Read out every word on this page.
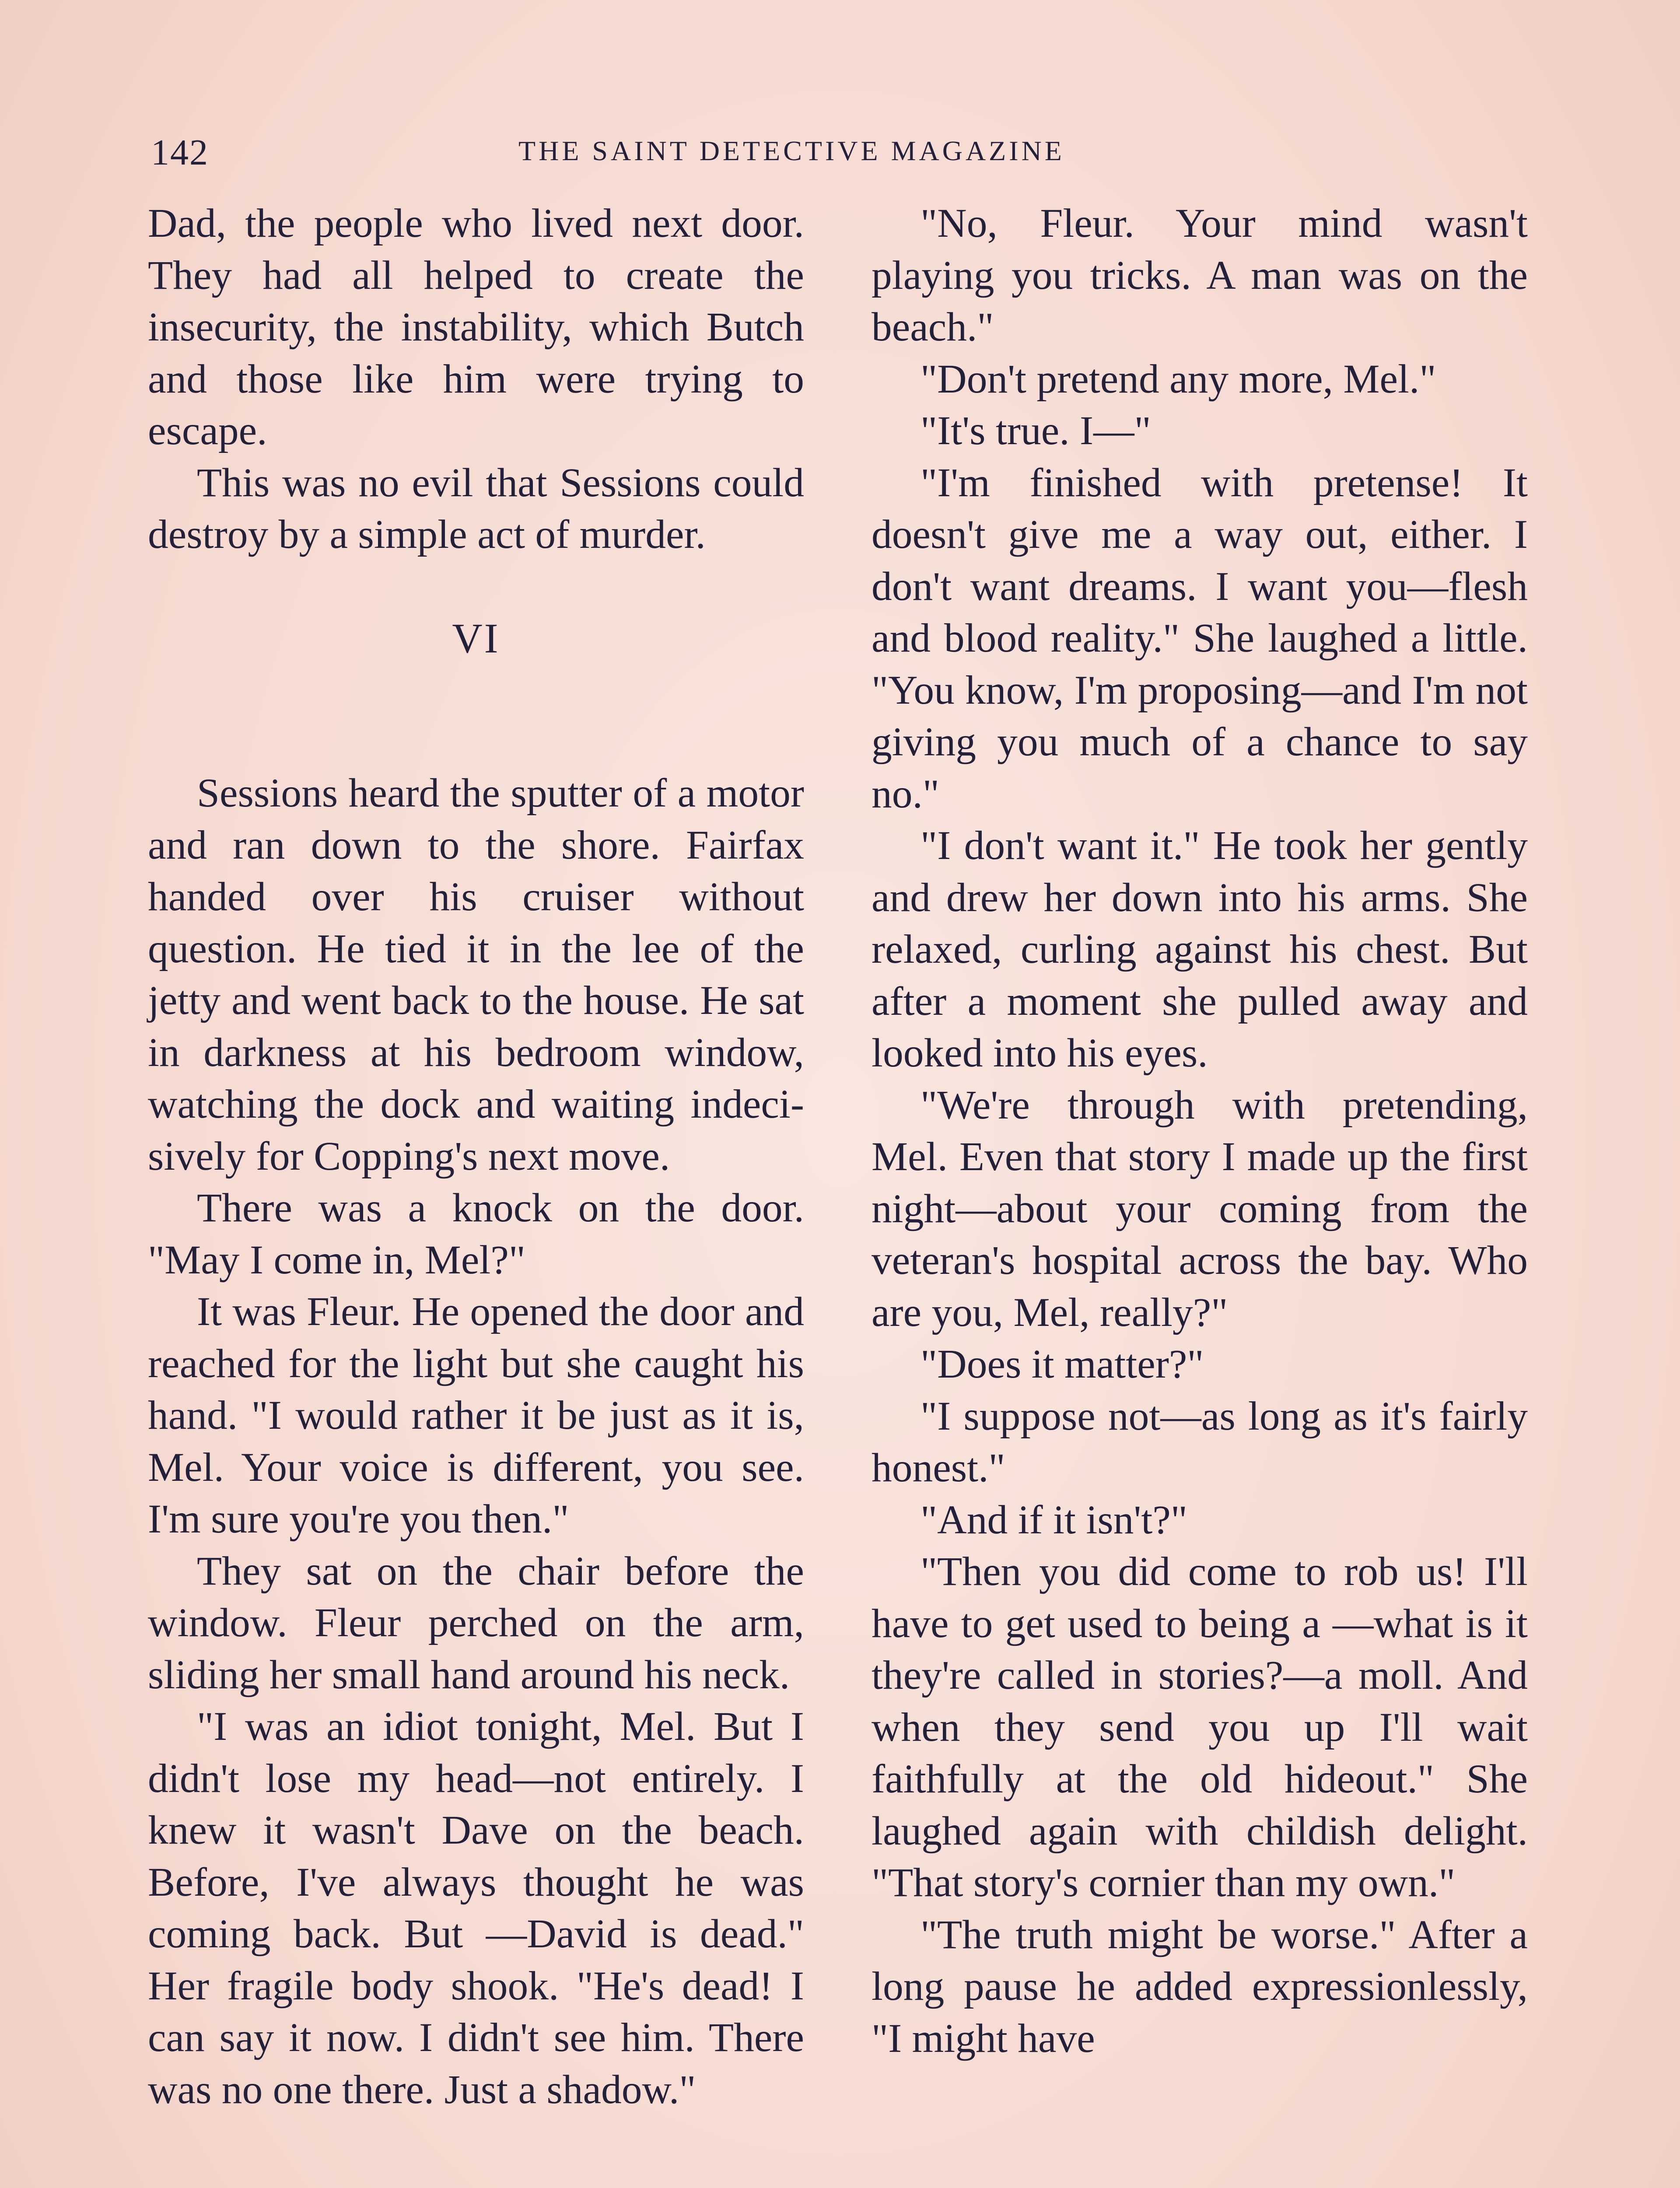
142	THE SAINT DETECTIVE MAGAZINE

Dad, the people who lived next door. They had all helped to create the insecurity, the instability, which Butch and those like him were trying to escape.

This was no evil that Sessions could destroy by a simple act of murder.

VI

Sessions heard the sputter of a motor and ran down to the shore. Fairfax handed over his cruiser without question. He tied it in the lee of the jetty and went back to the house. He sat in darkness at his bedroom window, watching the dock and waiting indecisively for Copping's next move.

There was a knock on the door. "May I come in, Mel?"

It was Fleur. He opened the door and reached for the light but she caught his hand. "I would rather it be just as it is, Mel. Your voice is different, you see. I'm sure you're you then."

They sat on the chair before the window. Fleur perched on the arm, sliding her small hand around his neck.

"I was an idiot tonight, Mel. But I didn't lose my head—not entirely. I knew it wasn't Dave on the beach. Before, I've always thought he was coming back. But —David is dead." Her fragile body shook. "He's dead! I can say it now. I didn't see him. There was no one there. Just a shadow."

"No, Fleur. Your mind wasn't playing you tricks. A man was on the beach."

"Don't pretend any more, Mel."

"It's true. I—"

"I'm finished with pretense! It doesn't give me a way out, either. I don't want dreams. I want you—flesh and blood reality." She laughed a little. "You know, I'm proposing—and I'm not giving you much of a chance to say no."

"I don't want it." He took her gently and drew her down into his arms. She relaxed, curling against his chest. But after a moment she pulled away and looked into his eyes.

"We're through with pretending, Mel. Even that story I made up the first night—about your coming from the veteran's hospital across the bay. Who are you, Mel, really?"

"Does it matter?"

"I suppose not—as long as it's fairly honest."

"And if it isn't?"

"Then you did come to rob us! I'll have to get used to being a —what is it they're called in stories?—a moll. And when they send you up I'll wait faithfully at the old hideout." She laughed again with childish delight. "That story's cornier than my own."

"The truth might be worse." After a long pause he added expressionlessly, "I might have
